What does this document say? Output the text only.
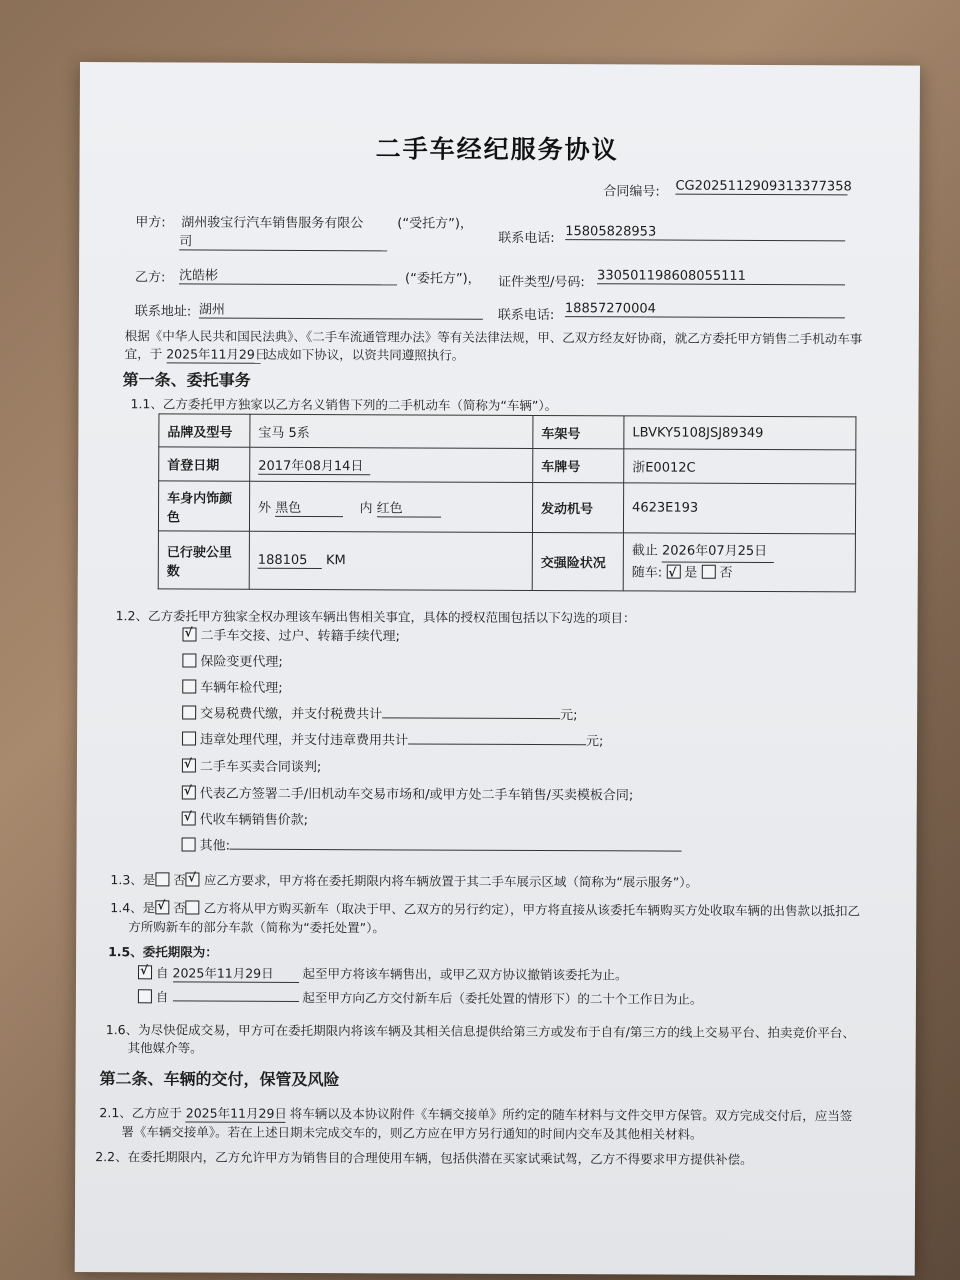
二手车经纪服务协议
合同编号: CG2025112909313377358
甲方: 湖州骏宝行汽车销售服务有限公
司
(“受托方”)，
联系电话: 15805828953
乙方: 沈皓彬	(“委托方”)， 证件类型/号码: 330501198608055111
联系地址: 湖州	联系电话: 18857270004
根据《中华人民共和国民法典》、《二手车流通管理办法》等有关法律法规，甲、乙双方经友好协商，就乙方委托甲方销售二手机动车事
宜，于 2025年11月29日 达成如下协议，以资共同遵照执行。
第一条、委托事务
1.1、乙方委托甲方独家以乙方名义销售下列的二手机动车（简称为“车辆”）。
品牌及型号	宝马 5系	车架号	LBVKY5108JSJ89349
首登日期	2017年08月14日	车牌号	浙E0012C
车身内饰颜
色	外 黑色 内 红色	发动机号	4623E193
已行驶公里
数	188105 KM	交强险状况	截止 2026年07月25日
随车: √ 是 否
1.2、乙方委托甲方独家全权办理该车辆出售相关事宜，具体的授权范围包括以下勾选的项目：
√二手车交接、过户、转籍手续代理;
保险变更代理;
车辆年检代理;
交易税费代缴，并支付税费共计	元;
违章处理代理，并支付违章费用共计	元;
√二手车买卖合同谈判;
√代表乙方签署二手/旧机动车交易市场和/或甲方处二手车销售/买卖模板合同;
√代收车辆销售价款;
其他:
1.3、是 否 √ 应乙方要求，甲方将在委托期限内将车辆放置于其二手车展示区域（简称为“展示服务”）。
1.4、是 √ 否 乙方将从甲方购买新车（取决于甲、乙双方的另行约定），甲方将直接从该委托车辆购买方处收取车辆的出售款以抵扣乙
方所购新车的部分车款（简称为“委托处置”）。
1.5、委托期限为：
√自 2025年11月29日 起至甲方将该车辆售出，或甲乙双方协议撤销该委托为止。
自	起至甲方向乙方交付新车后（委托处置的情形下）的二十个工作日为止。
1.6、为尽快促成交易，甲方可在委托期限内将该车辆及其相关信息提供给第三方或发布于自有/第三方的线上交易平台、拍卖竞价平台、
其他媒介等。
第二条、车辆的交付，保管及风险
2.1、乙方应于 2025年11月29日 将车辆以及本协议附件《车辆交接单》所约定的随车材料与文件交甲方保管。双方完成交付后，应当签
署《车辆交接单》。若在上述日期未完成交车的，则乙方应在甲方另行通知的时间内交车及其他相关材料。
2.2、在委托期限内，乙方允许甲方为销售目的合理使用车辆，包括供潜在买家试乘试驾，乙方不得要求甲方提供补偿。
